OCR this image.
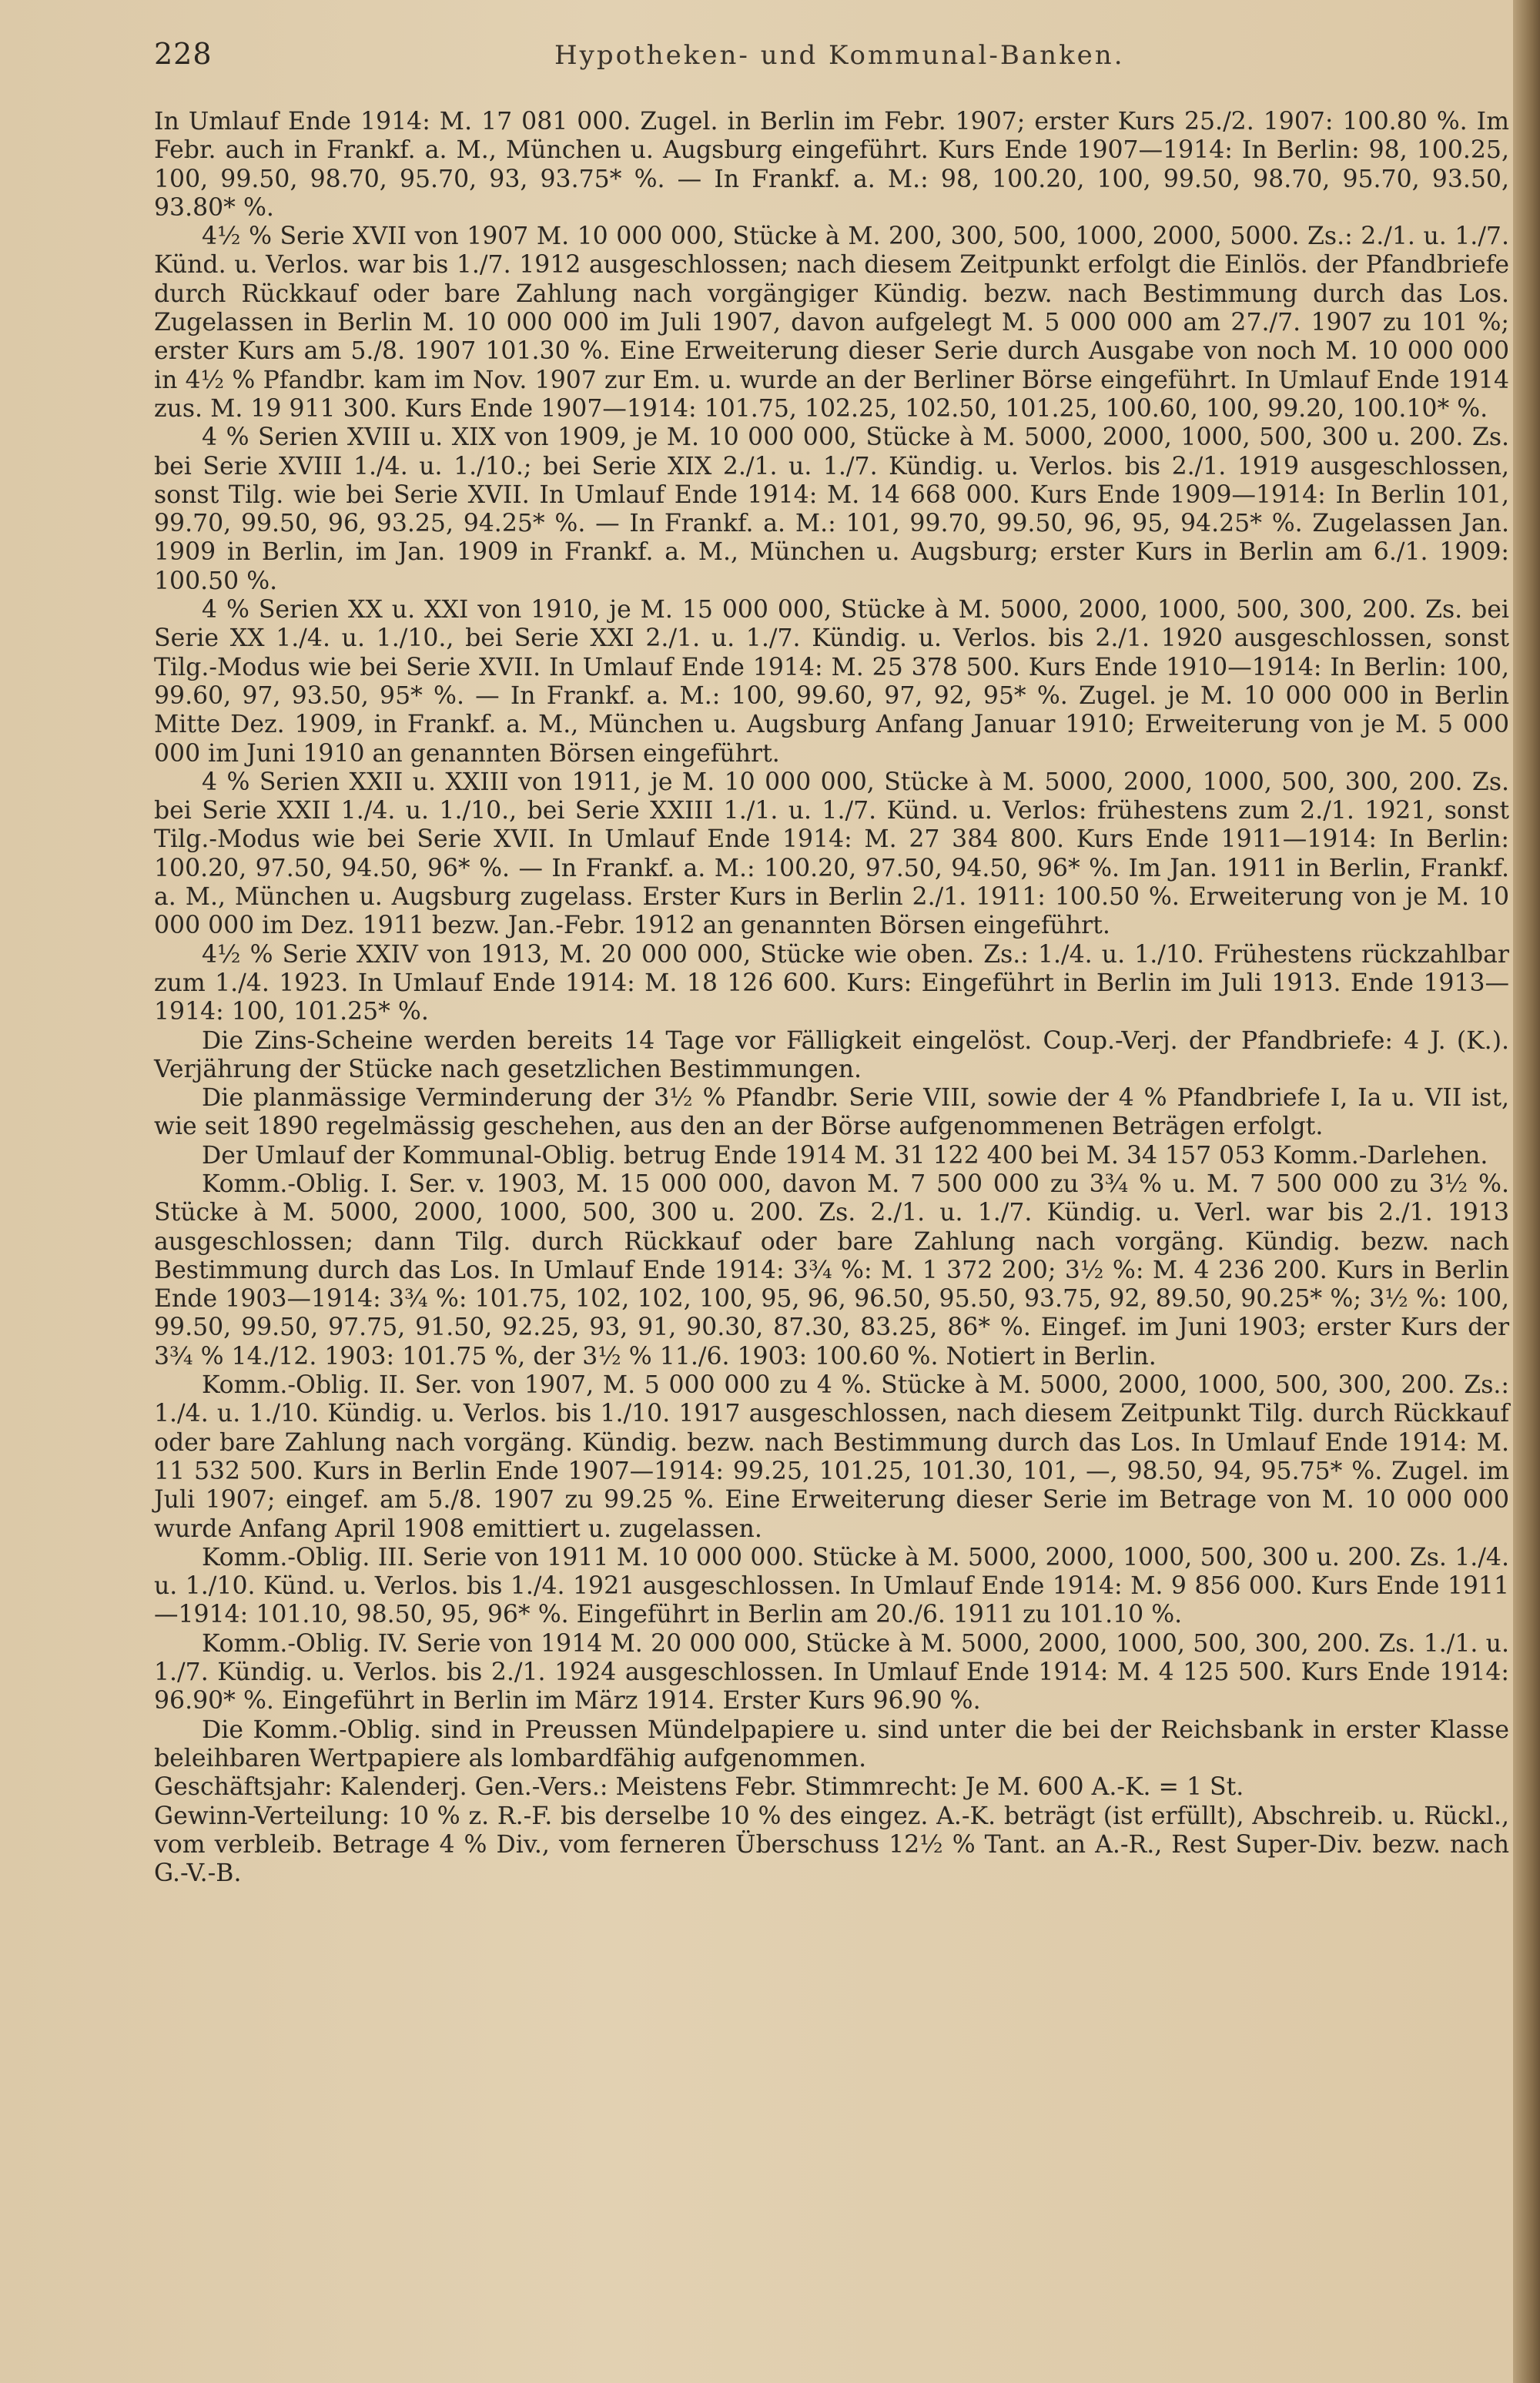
228	Hypotheken- und Kommunal-Banken.

In Umlauf Ende 1914: M. 17 081 000. Zugel. in Berlin im Febr. 1907; erster Kurs 25./2. 1907: 100.80 %. Im Febr. auch in Frankf. a. M., München u. Augsburg eingeführt. Kurs Ende 1907—1914: In Berlin: 98, 100.25, 100, 99.50, 98.70, 95.70, 93, 93.75* %. — In Frankf. a. M.: 98, 100.20, 100, 99.50, 98.70, 95.70, 93.50, 93.80* %.

4½ % Serie XVII von 1907 M. 10 000 000, Stücke à M. 200, 300, 500, 1000, 2000, 5000. Zs.: 2./1. u. 1./7. Künd. u. Verlos. war bis 1./7. 1912 ausgeschlossen; nach diesem Zeitpunkt erfolgt die Einlös. der Pfandbriefe durch Rückkauf oder bare Zahlung nach vorgängiger Kündig. bezw. nach Bestimmung durch das Los. Zugelassen in Berlin M. 10 000 000 im Juli 1907, davon aufgelegt M. 5 000 000 am 27./7. 1907 zu 101 %; erster Kurs am 5./8. 1907 101.30 %. Eine Erweiterung dieser Serie durch Ausgabe von noch M. 10 000 000 in 4½ % Pfandbr. kam im Nov. 1907 zur Em. u. wurde an der Berliner Börse eingeführt. In Umlauf Ende 1914 zus. M. 19 911 300. Kurs Ende 1907—1914: 101.75, 102.25, 102.50, 101.25, 100.60, 100, 99.20, 100.10* %.

4 % Serien XVIII u. XIX von 1909, je M. 10 000 000, Stücke à M. 5000, 2000, 1000, 500, 300 u. 200. Zs. bei Serie XVIII 1./4. u. 1./10.; bei Serie XIX 2./1. u. 1./7. Kündig. u. Verlos. bis 2./1. 1919 ausgeschlossen, sonst Tilg. wie bei Serie XVII. In Umlauf Ende 1914: M. 14 668 000. Kurs Ende 1909—1914: In Berlin 101, 99.70, 99.50, 96, 93.25, 94.25* %. — In Frankf. a. M.: 101, 99.70, 99.50, 96, 95, 94.25* %. Zugelassen Jan. 1909 in Berlin, im Jan. 1909 in Frankf. a. M., München u. Augsburg; erster Kurs in Berlin am 6./1. 1909: 100.50 %.

4 % Serien XX u. XXI von 1910, je M. 15 000 000, Stücke à M. 5000, 2000, 1000, 500, 300, 200. Zs. bei Serie XX 1./4. u. 1./10., bei Serie XXI 2./1. u. 1./7. Kündig. u. Verlos. bis 2./1. 1920 ausgeschlossen, sonst Tilg.-Modus wie bei Serie XVII. In Umlauf Ende 1914: M. 25 378 500. Kurs Ende 1910—1914: In Berlin: 100, 99.60, 97, 93.50, 95* %. — In Frankf. a. M.: 100, 99.60, 97, 92, 95* %. Zugel. je M. 10 000 000 in Berlin Mitte Dez. 1909, in Frankf. a. M., München u. Augsburg Anfang Januar 1910; Erweiterung von je M. 5 000 000 im Juni 1910 an genannten Börsen eingeführt.

4 % Serien XXII u. XXIII von 1911, je M. 10 000 000, Stücke à M. 5000, 2000, 1000, 500, 300, 200. Zs. bei Serie XXII 1./4. u. 1./10., bei Serie XXIII 1./1. u. 1./7. Künd. u. Verlos: frühestens zum 2./1. 1921, sonst Tilg.-Modus wie bei Serie XVII. In Umlauf Ende 1914: M. 27 384 800. Kurs Ende 1911—1914: In Berlin: 100.20, 97.50, 94.50, 96* %. — In Frankf. a. M.: 100.20, 97.50, 94.50, 96* %. Im Jan. 1911 in Berlin, Frankf. a. M., München u. Augsburg zugelass. Erster Kurs in Berlin 2./1. 1911: 100.50 %. Erweiterung von je M. 10 000 000 im Dez. 1911 bezw. Jan.-Febr. 1912 an genannten Börsen eingeführt.

4½ % Serie XXIV von 1913, M. 20 000 000, Stücke wie oben. Zs.: 1./4. u. 1./10. Frühestens rückzahlbar zum 1./4. 1923. In Umlauf Ende 1914: M. 18 126 600. Kurs: Eingeführt in Berlin im Juli 1913. Ende 1913—1914: 100, 101.25* %.

Die Zins-Scheine werden bereits 14 Tage vor Fälligkeit eingelöst. Coup.-Verj. der Pfandbriefe: 4 J. (K.). Verjährung der Stücke nach gesetzlichen Bestimmungen.

Die planmässige Verminderung der 3½ % Pfandbr. Serie VIII, sowie der 4 % Pfandbriefe I, Ia u. VII ist, wie seit 1890 regelmässig geschehen, aus den an der Börse aufgenommenen Beträgen erfolgt.

Der Umlauf der Kommunal-Oblig. betrug Ende 1914 M. 31 122 400 bei M. 34 157 053 Komm.-Darlehen.

Komm.-Oblig. I. Ser. v. 1903, M. 15 000 000, davon M. 7 500 000 zu 3¾ % u. M. 7 500 000 zu 3½ %. Stücke à M. 5000, 2000, 1000, 500, 300 u. 200. Zs. 2./1. u. 1./7. Kündig. u. Verl. war bis 2./1. 1913 ausgeschlossen; dann Tilg. durch Rückkauf oder bare Zahlung nach vorgäng. Kündig. bezw. nach Bestimmung durch das Los. In Umlauf Ende 1914: 3¾ %: M. 1 372 200; 3½ %: M. 4 236 200. Kurs in Berlin Ende 1903—1914: 3¾ %: 101.75, 102, 102, 100, 95, 96, 96.50, 95.50, 93.75, 92, 89.50, 90.25* %; 3½ %: 100, 99.50, 99.50, 97.75, 91.50, 92.25, 93, 91, 90.30, 87.30, 83.25, 86* %. Eingef. im Juni 1903; erster Kurs der 3¾ % 14./12. 1903: 101.75 %, der 3½ % 11./6. 1903: 100.60 %. Notiert in Berlin.

Komm.-Oblig. II. Ser. von 1907, M. 5 000 000 zu 4 %. Stücke à M. 5000, 2000, 1000, 500, 300, 200. Zs.: 1./4. u. 1./10. Kündig. u. Verlos. bis 1./10. 1917 ausgeschlossen, nach diesem Zeitpunkt Tilg. durch Rückkauf oder bare Zahlung nach vorgäng. Kündig. bezw. nach Bestimmung durch das Los. In Umlauf Ende 1914: M. 11 532 500. Kurs in Berlin Ende 1907—1914: 99.25, 101.25, 101.30, 101, —, 98.50, 94, 95.75* %. Zugel. im Juli 1907; eingef. am 5./8. 1907 zu 99.25 %. Eine Erweiterung dieser Serie im Betrage von M. 10 000 000 wurde Anfang April 1908 emittiert u. zugelassen.

Komm.-Oblig. III. Serie von 1911 M. 10 000 000. Stücke à M. 5000, 2000, 1000, 500, 300 u. 200. Zs. 1./4. u. 1./10. Künd. u. Verlos. bis 1./4. 1921 ausgeschlossen. In Umlauf Ende 1914: M. 9 856 000. Kurs Ende 1911—1914: 101.10, 98.50, 95, 96* %. Eingeführt in Berlin am 20./6. 1911 zu 101.10 %.

Komm.-Oblig. IV. Serie von 1914 M. 20 000 000, Stücke à M. 5000, 2000, 1000, 500, 300, 200. Zs. 1./1. u. 1./7. Kündig. u. Verlos. bis 2./1. 1924 ausgeschlossen. In Umlauf Ende 1914: M. 4 125 500. Kurs Ende 1914: 96.90* %. Eingeführt in Berlin im März 1914. Erster Kurs 96.90 %.

Die Komm.-Oblig. sind in Preussen Mündelpapiere u. sind unter die bei der Reichsbank in erster Klasse beleihbaren Wertpapiere als lombardfähig aufgenommen.

Geschäftsjahr: Kalenderj. Gen.-Vers.: Meistens Febr. Stimmrecht: Je M. 600 A.-K. = 1 St.

Gewinn-Verteilung: 10 % z. R.-F. bis derselbe 10 % des eingez. A.-K. beträgt (ist erfüllt), Abschreib. u. Rückl., vom verbleib. Betrage 4 % Div., vom ferneren Überschuss 12½ % Tant. an A.-R., Rest Super-Div. bezw. nach G.-V.-B.
